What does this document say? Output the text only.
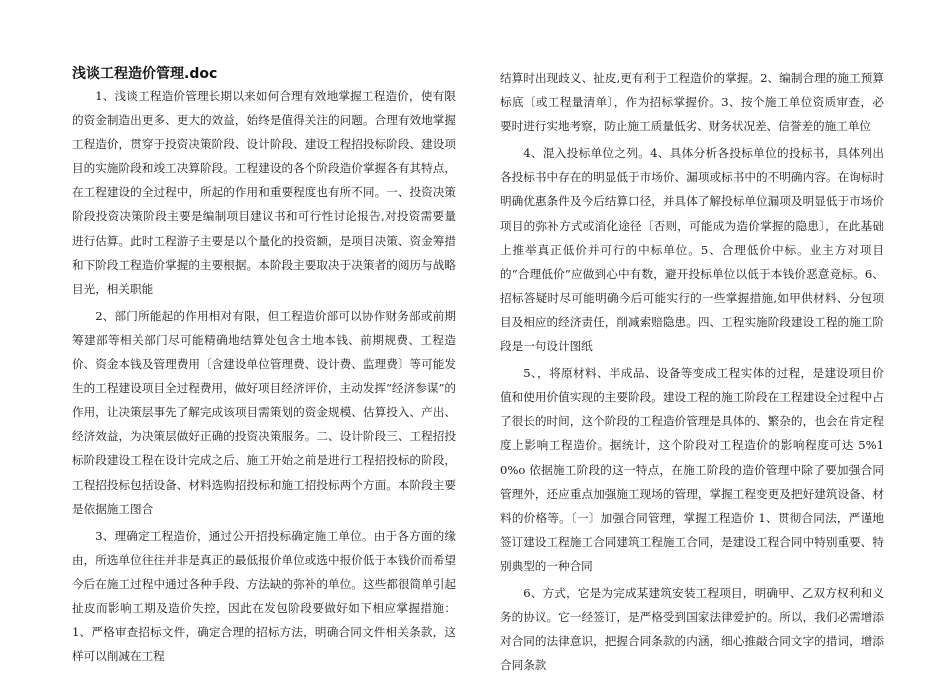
浅谈工程造价管理.doc

1、浅谈工程造价管理长期以来如何合理有效地掌握工程造价，使有限的资金制造出更多、更大的效益，始终是值得关注的问题。合理有效地掌握工程造价，贯穿于投资决策阶段、设计阶段、建设工程招投标阶段、建设项目的实施阶段和竣工决算阶段。工程建设的各个阶段造价掌握各有其特点，在工程建设的全过程中，所起的作用和重要程度也有所不同。一、投资决策阶段投资决策阶段主要是编制项目建议书和可行性讨论报告,对投资需要量进行估算。此时工程游子主要是以个量化的投资额，是项目决策、资金筹措和下阶段工程造价掌握的主要根据。本阶段主要取决于决策者的阅历与战略目光，相关职能

2、部门所能起的作用相对有限，但工程造价部可以协作财务部或前期筹建部等相关部门尽可能精确地结算处包含土地本钱、前期规费、工程造价、资金本钱及管理费用〔含建设单位管理费、设计费、监理费〕等可能发生的工程建设项目全过程费用，做好项目经济评价，主动发挥“经济参谋”的作用，让决策层事先了解完成该项目需策划的资金规模、估算投入、产出、经济效益，为决策层做好正确的投资决策服务。二、设计阶段三、工程招投标阶段建设工程在设计完成之后、施工开始之前是进行工程招投标的阶段，工程招投标包括设备、材料选购招投标和施工招投标两个方面。本阶段主要是依据施工图合

3、理确定工程造价，通过公开招投标确定施工单位。由于各方面的缘由，所选单位往往并非是真正的最低报价单位或选中报价低于本钱价而希望今后在施工过程中通过各种手段、方法缺的弥补的单位。这些都很简单引起扯皮而影响工期及造价失控，因此在发包阶段要做好如下相应掌握措施：1、严格审查招标文件，确定合理的招标方法，明确合同文件相关条款，这样可以削减在工程

结算时出现歧义、扯皮,更有利于工程造价的掌握。2、编制合理的施工预算标底〔或工程量清单〕，作为招标掌握价。3、按个施工单位资质审查，必要时进行实地考察，防止施工质量低劣、财务状况差、信誉差的施工单位

4、混入投标单位之列。4、具体分析各投标单位的投标书，具体列出各投标书中存在的明显低于市场价、漏项或标书中的不明确内容。在询标时明确优惠条件及今后结算口径，并具体了解投标单位漏项及明显低于市场价项目的弥补方式或消化途径〔否则，可能成为造价掌握的隐患〕，在此基础上推举真正低价并可行的中标单位。5、合理低价中标。业主方对项目的“合理低价”应做到心中有数，避开投标单位以低于本钱价恶意竞标。6、招标答疑时尽可能明确今后可能实行的一些掌握措施,如甲供材料、分包项目及相应的经济责任，削减索赔隐患。四、工程实施阶段建设工程的施工阶段是一句设计图纸

5、，将原材料、半成品、设备等变成工程实体的过程，是建设项目价值和使用价值实现的主要阶段。建设工程的施工阶段在工程建设全过程中占了很长的时间，这个阶段的工程造价管理是具体的、繁杂的，也会在肯定程度上影响工程造价。据统计，这个阶段对工程造价的影响程度可达 5%10%o 依据施工阶段的这一特点，在施工阶段的造价管理中除了要加强合同管理外，还应重点加强施工现场的管理，掌握工程变更及把好建筑设备、材料的价格等。〔一〕加强合同管理，掌握工程造价 1、贯彻合同法，严谨地签订建设工程施工合同建筑工程施工合同，是建设工程合同中特别重要、特别典型的一种合同

6、方式，它是为完成某建筑安装工程项目，明确甲、乙双方权利和义务的协议。它一经签订，是严格受到国家法律爱护的。所以，我们必需增添对合同的法律意识，把握合同条款的内涵，细心推敲合同文字的措词，增添合同条款
